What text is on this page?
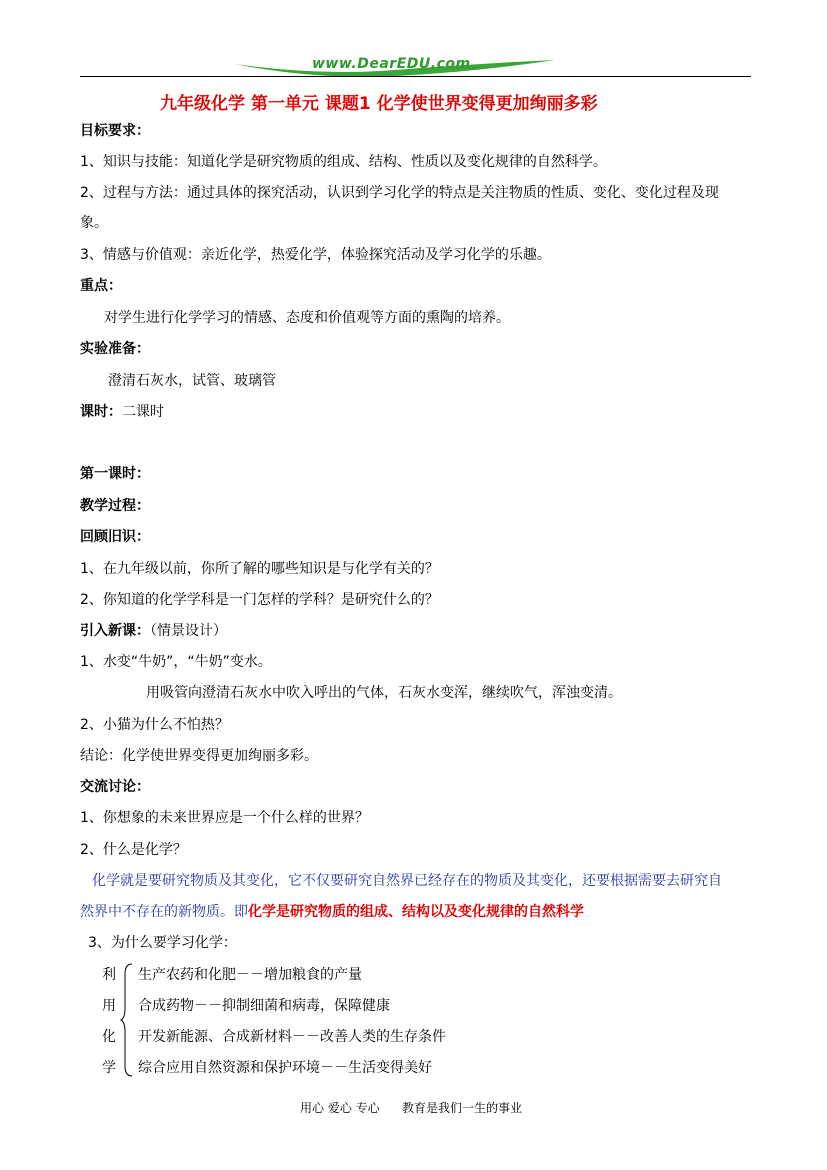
www.DearEDU.com
九年级化学 第一单元 课题1 化学使世界变得更加绚丽多彩
目标要求：
1、知识与技能：知道化学是研究物质的组成、结构、性质以及变化规律的自然科学。
2、过程与方法：通过具体的探究活动，认识到学习化学的特点是关注物质的性质、变化、变化过程及现
象。
3、情感与价值观：亲近化学，热爱化学，体验探究活动及学习化学的乐趣。
重点：
对学生进行化学学习的情感、态度和价值观等方面的熏陶的培养。
实验准备：
澄清石灰水，试管、玻璃管
课时：二课时
第一课时：
教学过程：
回顾旧识：
1、在九年级以前，你所了解的哪些知识是与化学有关的？
2、你知道的化学学科是一门怎样的学科？是研究什么的？
引入新课：（情景设计）
1、水变“牛奶”，“牛奶”变水。
用吸管向澄清石灰水中吹入呼出的气体，石灰水变浑，继续吹气，浑浊变清。
2、小猫为什么不怕热？
结论：化学使世界变得更加绚丽多彩。
交流讨论：
1、你想象的未来世界应是一个什么样的世界？
2、什么是化学？
化学就是要研究物质及其变化，它不仅要研究自然界已经存在的物质及其变化，还要根据需要去研究自
然界中不存在的新物质。即化学是研究物质的组成、结构以及变化规律的自然科学
3、为什么要学习化学：
利
用
化
学
生产农药和化肥－－增加粮食的产量
合成药物－－抑制细菌和病毒，保障健康
开发新能源、合成新材料－－改善人类的生存条件
综合应用自然资源和保护环境－－生活变得美好
用心 爱心 专心 教育是我们一生的事业
